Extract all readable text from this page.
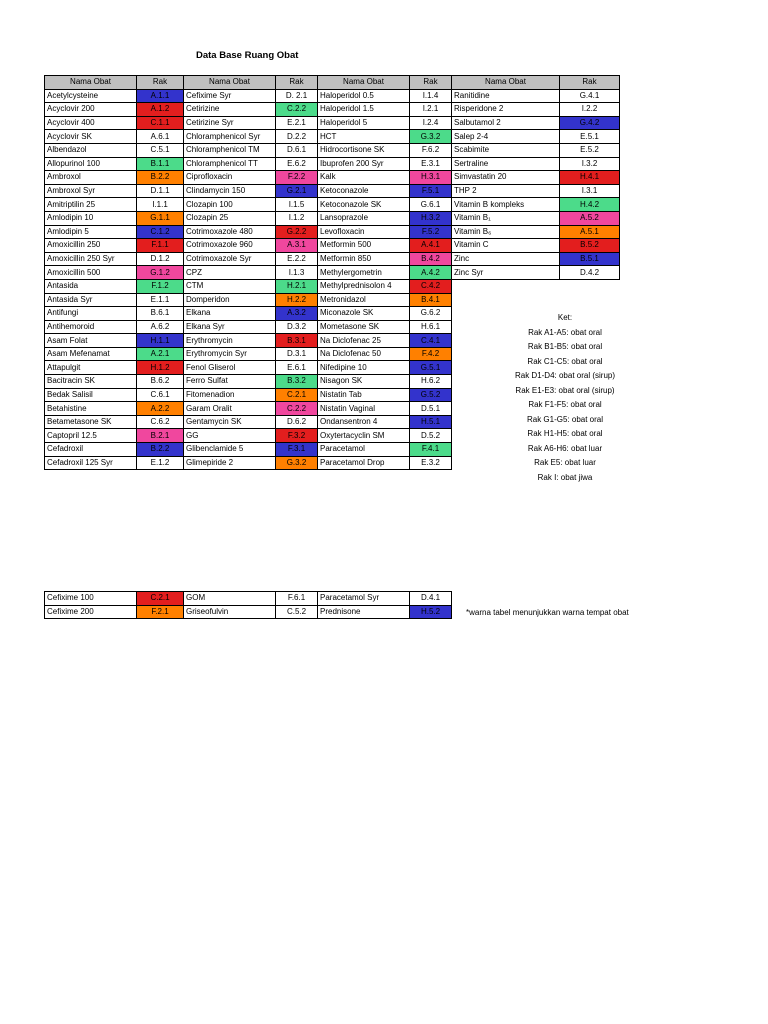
Data Base Ruang Obat
Nama Obat	Rak	Nama Obat	Rak	Nama Obat	Rak	Nama Obat	Rak
Acetylcysteine	A.1.1	Cefixime Syr	D. 2.1	Haloperidol 0.5	I.1.4	Ranitidine	G.4.1
Acyclovir 200	A.1.2	Cetirizine	C.2.2	Haloperidol 1.5	I.2.1	Risperidone 2	I.2.2
Acyclovir 400	C.1.1	Cetirizine Syr	E.2.1	Haloperidol 5	I.2.4	Salbutamol 2	G.4.2
Acyclovir SK	A.6.1	Chloramphenicol Syr	D.2.2	HCT	G.3.2	Salep 2-4	E.5.1
Albendazol	C.5.1	Chloramphenicol TM	D.6.1	Hidrocortisone SK	F.6.2	Scabimite	E.5.2
Allopurinol 100	B.1.1	Chloramphenicol TT	E.6.2	Ibuprofen 200 Syr	E.3.1	Sertraline	I.3.2
Ambroxol	B.2.2	Ciprofloxacin	F.2.2	Kalk	H.3.1	Simvastatin 20	H.4.1
Ambroxol Syr	D.1.1	Clindamycin 150	G.2.1	Ketoconazole	F.5.1	THP 2	I.3.1
Amitriptilin 25	I.1.1	Clozapin 100	I.1.5	Ketoconazole SK	G.6.1	Vitamin B kompleks	H.4.2
Amlodipin 10	G.1.1	Clozapin 25	I.1.2	Lansoprazole	H.3.2	Vitamin B₁	A.5.2
Amlodipin 5	C.1.2	Cotrimoxazole 480	G.2.2	Levofloxacin	F.5.2	Vitamin B₆	A.5.1
Amoxicillin 250	F.1.1	Cotrimoxazole 960	A.3.1	Metformin 500	A.4.1	Vitamin C	B.5.2
Amoxicillin 250 Syr	D.1.2	Cotrimoxazole Syr	E.2.2	Metformin 850	B.4.2	Zinc	B.5.1
Amoxicillin 500	G.1.2	CPZ	I.1.3	Methylergometrin	A.4.2	Zinc Syr	D.4.2
Antasida	F.1.2	CTM	H.2.1	Methylprednisolon 4	C.4.2		
Antasida Syr	E.1.1	Domperidon	H.2.2	Metronidazol	B.4.1		
Antifungi	B.6.1	Elkana	A.3.2	Miconazole SK	G.6.2		
Antihemoroid	A.6.2	Elkana Syr	D.3.2	Mometasone SK	H.6.1		
Asam Folat	H.1.1	Erythromycin	B.3.1	Na Diclofenac 25	C.4.1		
Asam Mefenamat	A.2.1	Erythromycin Syr	D.3.1	Na Diclofenac 50	F.4.2		
Attapulgit	H.1.2	Fenol Gliserol	E.6.1	Nifedipine 10	G.5.1		
Bacitracin SK	B.6.2	Ferro Sulfat	B.3.2	Nisagon SK	H.6.2		
Bedak Salisil	C.6.1	Fitomenadion	C.2.1	Nistatin Tab	G.5.2		
Betahistine	A.2.2	Garam Oralit	C.2.2	Nistatin Vaginal	D.5.1		
Betametasone SK	C.6.2	Gentamycin SK	D.6.2	Ondansentron 4	H.5.1		
Captopril 12.5	B.2.1	GG	F.3.2	Oxytertacyclin SM	D.5.2		
Cefadroxil	B.2.2	Glibenclamide 5	F.3.1	Paracetamol	F.4.1		
Cefadroxil 125 Syr	E.1.2	Glimepiride 2	G.3.2	Paracetamol Drop	E.3.2		
Cefixime 100	C.2.1	GOM	F.6.1	Paracetamol Syr	D.4.1
Cefixime 200	F.2.1	Griseofulvin	C.5.2	Prednisone	H.5.2
Ket:
Rak A1-A5: obat oral
Rak B1-B5: obat oral
Rak C1-C5: obat oral
Rak D1-D4: obat oral (sirup)
Rak E1-E3: obat oral (sirup)
Rak F1-F5: obat oral
Rak G1-G5: obat oral
Rak H1-H5: obat oral
Rak A6-H6: obat luar
Rak E5: obat luar
Rak I: obat jiwa
*warna tabel menunjukkan warna tempat obat
